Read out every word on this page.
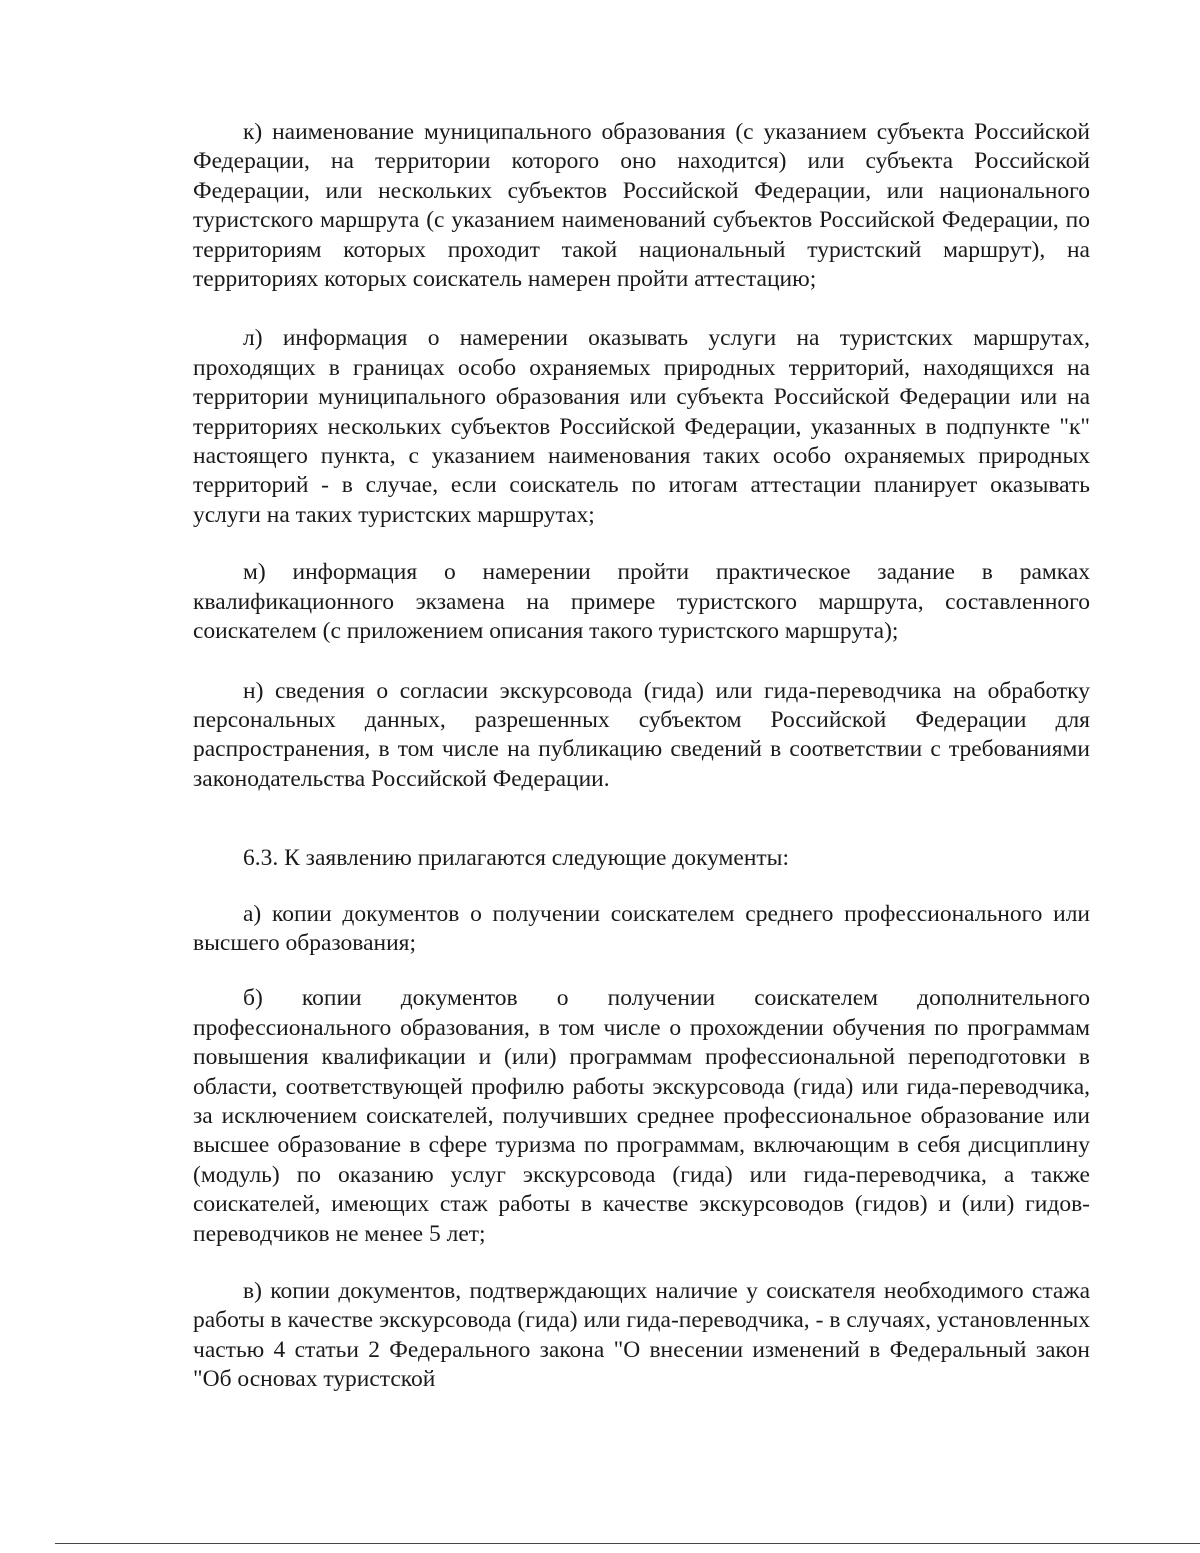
к) наименование муниципального образования (с указанием субъекта Российской Федерации, на территории которого оно находится) или субъекта Российской Федерации, или нескольких субъектов Российской Федерации, или национального туристского маршрута (с указанием наименований субъектов Российской Федерации, по территориям которых проходит такой национальный туристский маршрут), на территориях которых соискатель намерен пройти аттестацию;

л) информация о намерении оказывать услуги на туристских маршрутах, проходящих в границах особо охраняемых природных территорий, находящихся на территории муниципального образования или субъекта Российской Федерации или на территориях нескольких субъектов Российской Федерации, указанных в подпункте "к" настоящего пункта, с указанием наименования таких особо охраняемых природных территорий - в случае, если соискатель по итогам аттестации планирует оказывать услуги на таких туристских маршрутах;

м) информация о намерении пройти практическое задание в рамках квалификационного экзамена на примере туристского маршрута, составленного соискателем (с приложением описания такого туристского маршрута);

н) сведения о согласии экскурсовода (гида) или гида-переводчика на обработку персональных данных, разрешенных субъектом Российской Федерации для распространения, в том числе на публикацию сведений в соответствии с требованиями законодательства Российской Федерации.

6.3. К заявлению прилагаются следующие документы:

а) копии документов о получении соискателем среднего профессионального или высшего образования;

б) копии документов о получении соискателем дополнительного профессионального образования, в том числе о прохождении обучения по программам повышения квалификации и (или) программам профессиональной переподготовки в области, соответствующей профилю работы экскурсовода (гида) или гида-переводчика, за исключением соискателей, получивших среднее профессиональное образование или высшее образование в сфере туризма по программам, включающим в себя дисциплину (модуль) по оказанию услуг экскурсовода (гида) или гида-переводчика, а также соискателей, имеющих стаж работы в качестве экскурсоводов (гидов) и (или) гидов-переводчиков не менее 5 лет;

в) копии документов, подтверждающих наличие у соискателя необходимого стажа работы в качестве экскурсовода (гида) или гида-переводчика, - в случаях, установленных частью 4 статьи 2 Федерального закона "О внесении изменений в Федеральный закон "Об основах туристской
